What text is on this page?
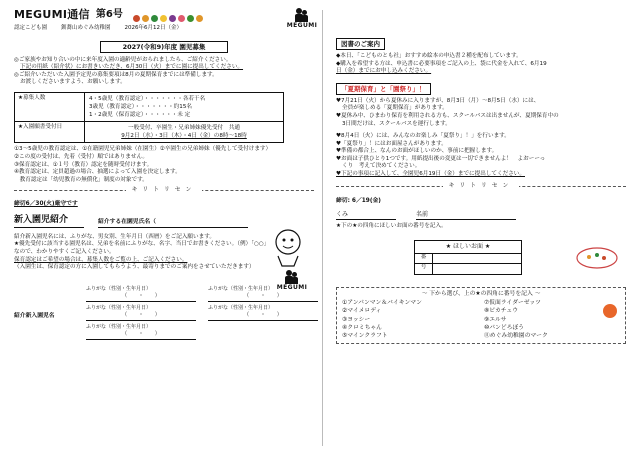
MEGUMI通信 第6号
認定こども園	釧蕎山めぐみ幼稚園	2026年6月12日（金）	MEGUMI
2027(令和9)年度 園児募集
◎ご家族やお知り合いの中に来年度入園の適齢児がおられましたら、ご紹介ください。
下記の用紙（紹介状）にお書きいただき、6月30日（火）までに園に提出してください。
◎ご紹介いただいた入園予定児の募集要項は8月の夏期保育までには準備します。
お渡しくださいますよう、お願いします。
★募集人数	4・5歳児（教育認定）・・・・・・・各若干名
3歳児（教育認定）・・・・・・・約15名
1・2歳児（保育認定）・・・・・・未 定
★入園願書受付日	一般受付、卒園生・兄弟姉妹優先受付　共通
9月2日（水）・3日（木）・4日（金）の8時～18時
①3～5歳児の教育認定は、①在籍園児兄弟姉妹（在園生）②卒園生の兄弟姉妹（優先して受付けます）
②この度の受付は、先着（受付）順ではありません。
③保育認定は、①１号（教育）認定を随時受付けます。
④教育認定は、定員超過の場合、抽選によって入園を決定します。
　教育認定は「幼児教育の無償化」制度の対象です。
キリトリセン
締切6／30(火)厳守です
新入園児紹介	紹介する在園児氏名（
MEGUMI
紹介新入園児名には、ふりがな、男女別、生年月日（西暦）をご記入願います。
★優先受付に該当する園児名は、兄弟を名前にふりがな、名字、当日でお書きください。（例）「○○」
なので、わかりやすくご記入ください。
保育認定はご希望の場合は、募集人数をご覧の上、ご記入ください。
（入園生は、保育認定の方に入園してもらうよう、最寄りまでのご案内をさせていただきます）
ふりがな（性別・生年月日）
（　　・　　）
ふりがな（性別・生年月日）
（　　・　　）
紹介新入園児名
ふりがな（性別・生年月日）
（　　・　　）
ふりがな（性別・生年月日）
（　　・　　）
ふりがな（性別・生年月日）
（　　・　　）
図書のご案内
◆本日、「こどものとも社」おすすめ絵本の申込書２種を配布しています。
◆購入を希望する方は、申込書に必要事項をご記入の上、袋に代金を入れて、6月19
日（金）までにお申し込みください。
「夏期保育」と「園祭り」！
♥7月21日（火）から夏休みに入りますが、8月3日（月）～8月5日（水）には、
全員が楽しめる「夏期保育」があります。
♥夏休み中、ひまわり保育を利用される方も、スクールバスは出ませんが、夏期保育中の
3日間だけは、スクールバスを運行します。
♥8月4日（火）には、みんなのお楽しみ「夏祭り」！」を行います。
♥「夏祭り」！にはお面屋さんがあります。
♥準備の都合上、なんのお面がほしいのか、事前に把握します。
♥お面は子供ひとり1つです。用紙提出後の変更は一切できませんよ！　よおーーっ
くり　考えて決めてください。
♥下記の事項に記入して、全園児6月19日（金）までに提出してください。
キリトリセン
締切: 6／19(金)
くみ	名前
★下の★の四角にほしいお面の番号を記入。
★ ほしいお面 ★
番
号
〜 下から選び、上の★の四角に番号を記入 〜
①アンパンマン＆バイキンマン	⑦仮面ライダーゼッツ
②マイメロディ	⑧ピカチュウ
③ヨッシー	⑨エルサ
④クロミちゃん	⑩パンどろぼう
⑤マインクラフト	⑪めぐみ幼稚園のマーク
